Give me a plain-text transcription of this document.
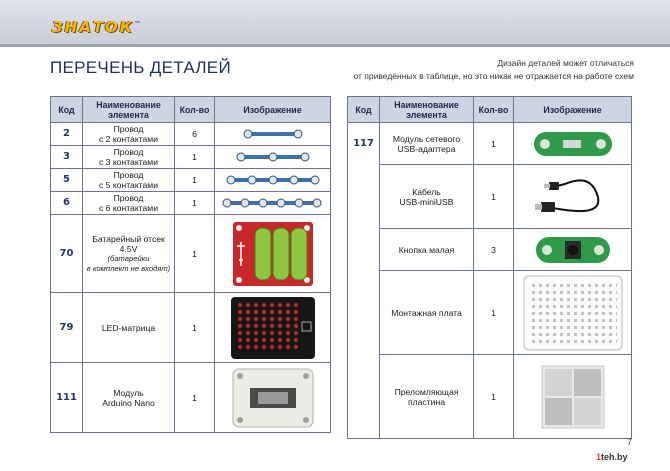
ЗНАТОК™
ПЕРЕЧЕНЬ ДЕТАЛЕЙ	Дизайн деталей может отличаться
от приведённых в таблице, но это никак не отражается на работе схем
Код	Наименование элемента	Кол-во	Изображение
2	Провод
с 2 контактами	6	

3	Провод
с 3 контактами	1	

5	Провод
с 5 контактами	1	

6	Провод
с 6 контактами	1	

70	Батарейный отсек
4.5V
(батарейки
в комплект не входят)	1	

79	LED-матрица	1	

111	Модуль
Arduino Nano	1	
Код	Наименование элемента	Кол-во	Изображение
117	Модуль сетевого
USB-адаптера	1	

	Кабель
USB-miniUSB	1	

	Кнопка малая	3	

	Монтажная плата	1	

	Преломляющая
пластина	1	
7
1teh.by
